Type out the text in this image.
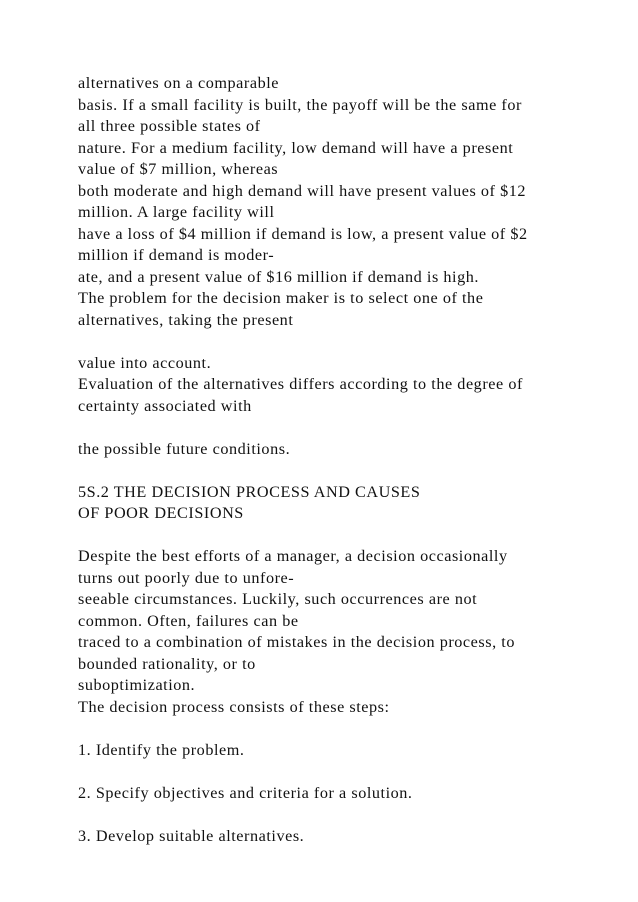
alternatives on a comparable
basis. If a small facility is built, the payoff will be the same for
all three possible states of
nature. For a medium facility, low demand will have a present
value of $7 million, whereas
both moderate and high demand will have present values of $12
million. A large facility will
have a loss of $4 million if demand is low, a present value of $2
million if demand is moder-
ate, and a present value of $16 million if demand is high.
The problem for the decision maker is to select one of the
alternatives, taking the present
value into account.
Evaluation of the alternatives differs according to the degree of
certainty associated with
the possible future conditions.
5S.2 THE DECISION PROCESS AND CAUSES
OF POOR DECISIONS
Despite the best efforts of a manager, a decision occasionally
turns out poorly due to unfore-
seeable circumstances. Luckily, such occurrences are not
common. Often, failures can be
traced to a combination of mistakes in the decision process, to
bounded rationality, or to
suboptimization.
The decision process consists of these steps:
1. Identify the problem.
2. Specify objectives and criteria for a solution.
3. Develop suitable alternatives.
